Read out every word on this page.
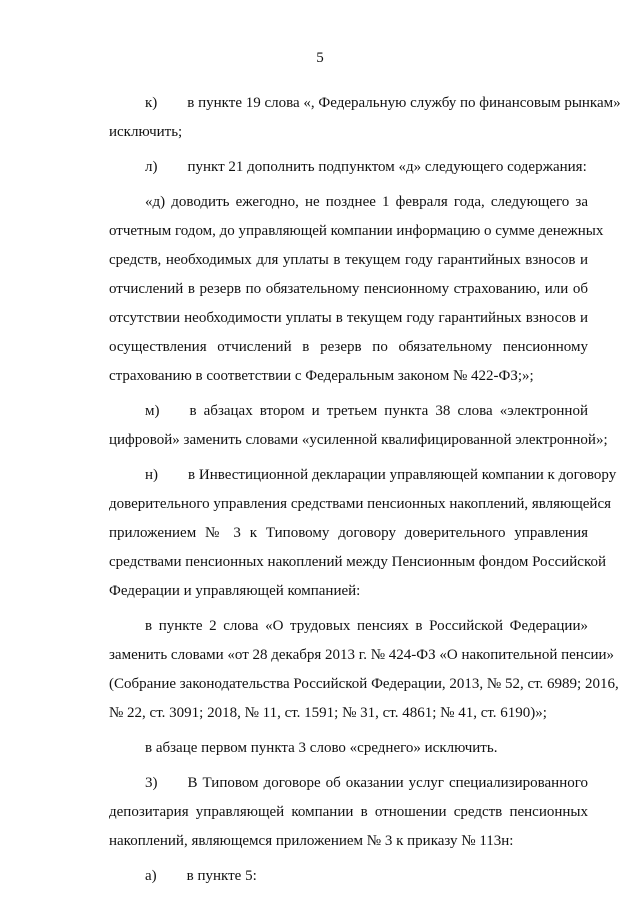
5
к)  в пункте 19 слова «, Федеральную службу по финансовым рынкам»
исключить;
л)  пункт 21 дополнить подпунктом «д» следующего содержания:
«д) доводить ежегодно, не позднее 1 февраля года, следующего за
отчетным годом, до управляющей компании информацию о сумме денежных
средств, необходимых для уплаты в текущем году гарантийных взносов и
отчислений в резерв по обязательному пенсионному страхованию, или об
отсутствии необходимости уплаты в текущем году гарантийных взносов и
осуществления отчислений в резерв по обязательному пенсионному
страхованию в соответствии с Федеральным законом № 422-ФЗ;»;
м)  в абзацах втором и третьем пункта 38 слова «электронной
цифровой» заменить словами «усиленной квалифицированной электронной»;
н)  в Инвестиционной декларации управляющей компании к договору
доверительного управления средствами пенсионных накоплений, являющейся
приложением № 3 к Типовому договору доверительного управления
средствами пенсионных накоплений между Пенсионным фондом Российской
Федерации и управляющей компанией:
в пункте 2 слова «О трудовых пенсиях в Российской Федерации»
заменить словами «от 28 декабря 2013 г. № 424-ФЗ «О накопительной пенсии»
(Собрание законодательства Российской Федерации, 2013, № 52, ст. 6989; 2016,
№ 22, ст. 3091; 2018, № 11, ст. 1591; № 31, ст. 4861; № 41, ст. 6190)»;
в абзаце первом пункта 3 слово «среднего» исключить.
3)  В Типовом договоре об оказании услуг специализированного
депозитария управляющей компании в отношении средств пенсионных
накоплений, являющемся приложением № 3 к приказу № 113н:
а)  в пункте 5:
